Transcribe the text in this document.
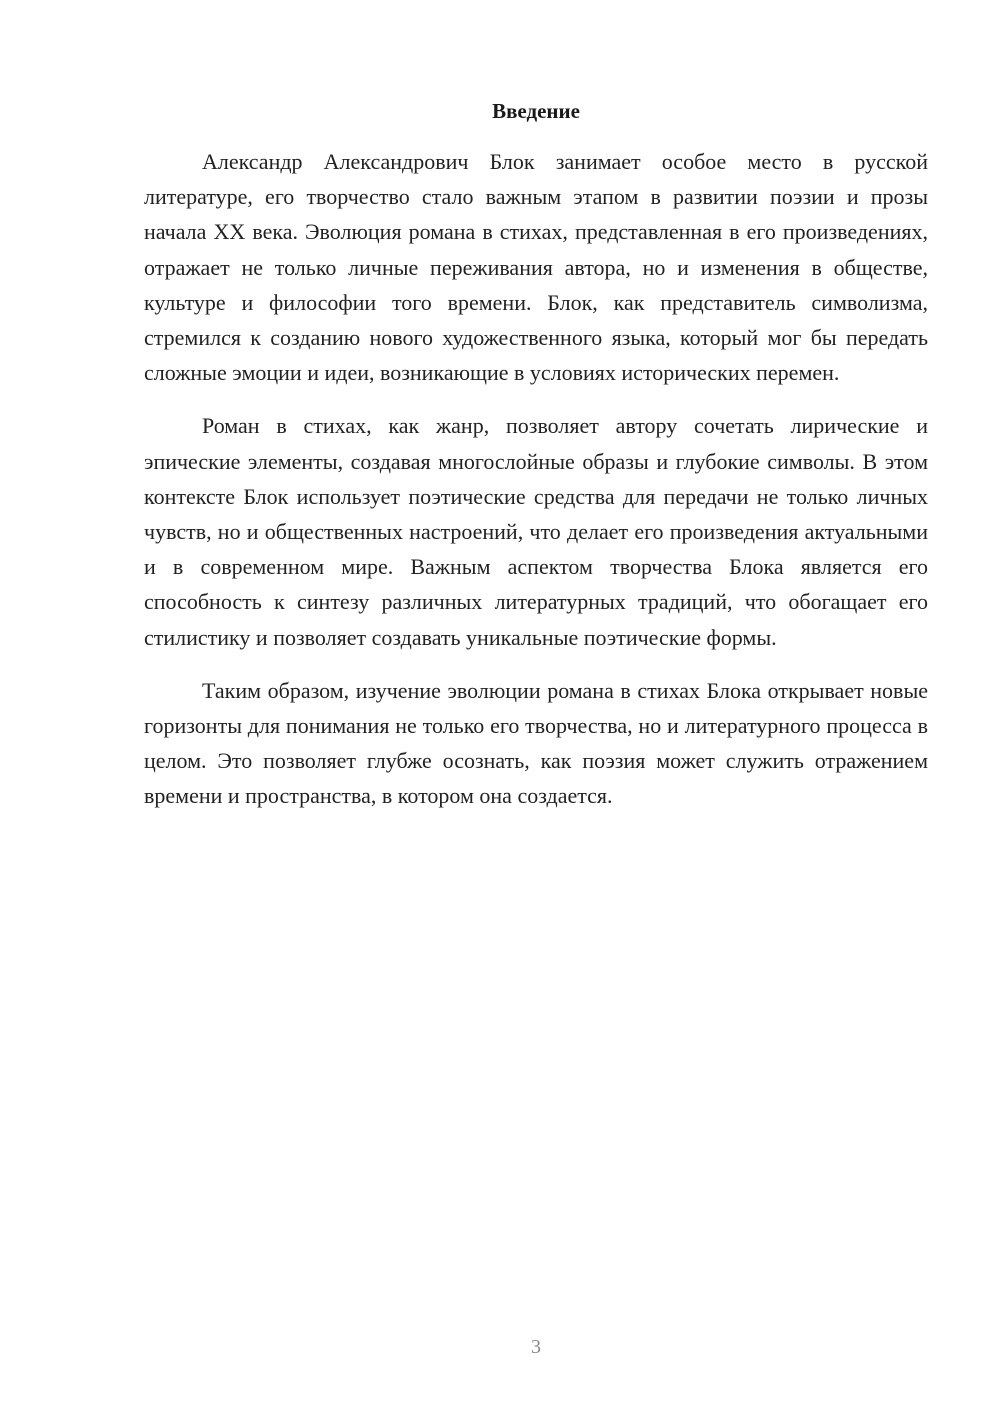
Введение

Александр Александрович Блок занимает особое место в русской литературе, его творчество стало важным этапом в развитии поэзии и прозы начала XX века. Эволюция романа в стихах, представленная в его произведениях, отражает не только личные переживания автора, но и изменения в обществе, культуре и философии того времени. Блок, как представитель символизма, стремился к созданию нового художественного языка, который мог бы передать сложные эмоции и идеи, возникающие в условиях исторических перемен.

Роман в стихах, как жанр, позволяет автору сочетать лирические и эпические элементы, создавая многослойные образы и глубокие символы. В этом контексте Блок использует поэтические средства для передачи не только личных чувств, но и общественных настроений, что делает его произведения актуальными и в современном мире. Важным аспектом творчества Блока является его способность к синтезу различных литературных традиций, что обогащает его стилистику и позволяет создавать уникальные поэтические формы.

Таким образом, изучение эволюции романа в стихах Блока открывает новые горизонты для понимания не только его творчества, но и литературного процесса в целом. Это позволяет глубже осознать, как поэзия может служить отражением времени и пространства, в котором она создается.

3
